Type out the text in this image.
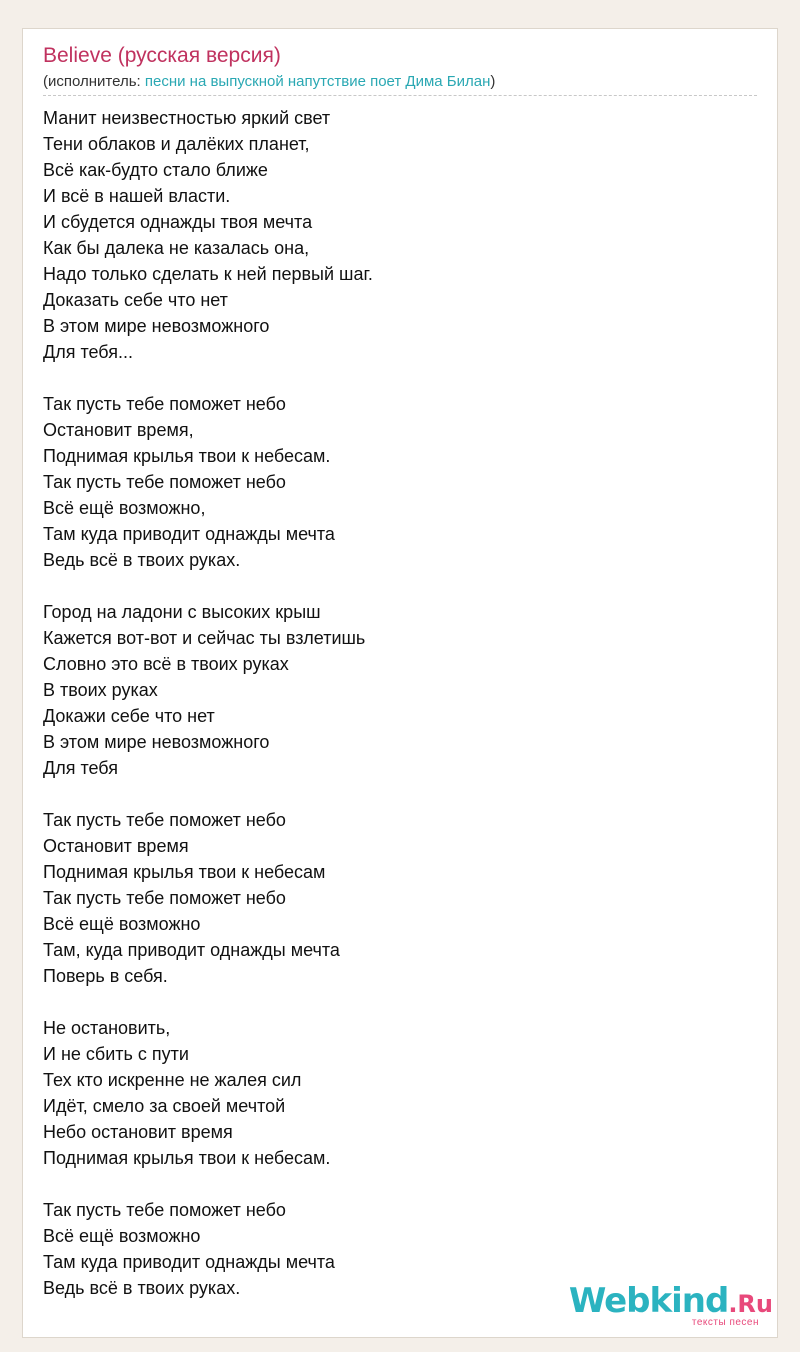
Believe (русская версия)
(исполнитель: песни на выпускной напутствие поет Дима Билан)
Манит неизвестностью яркий свет
Тени облаков и далёких планет,
Всё как-будто стало ближе
И всё в нашей власти.
И сбудется однажды твоя мечта
Как бы далека не казалась она,
Надо только сделать к ней первый шаг.
Доказать себе что нет
В этом мире невозможного
Для тебя...
Так пусть тебе поможет небо
Остановит время,
Поднимая крылья твои к небесам.
Так пусть тебе поможет небо
Всё ещё возможно,
Там куда приводит однажды мечта
Ведь всё в твоих руках.
Город на ладони с высоких крыш
Кажется вот-вот и сейчас ты взлетишь
Словно это всё в твоих руках
В твоих руках
Докажи себе что нет
В этом мире невозможного
Для тебя
Так пусть тебе поможет небо
Остановит время
Поднимая крылья твои к небесам
Так пусть тебе поможет небо
Всё ещё возможно
Там, куда приводит однажды мечта
Поверь в себя.
Не остановить,
И не сбить с пути
Тех кто искренне не жалея сил
Идёт, смело за своей мечтой
Небо остановит время
Поднимая крылья твои к небесам.
Так пусть тебе поможет небо
Всё ещё возможно
Там куда приводит однажды мечта
Ведь всё в твоих руках.	Webkind.Ru
тексты песен
